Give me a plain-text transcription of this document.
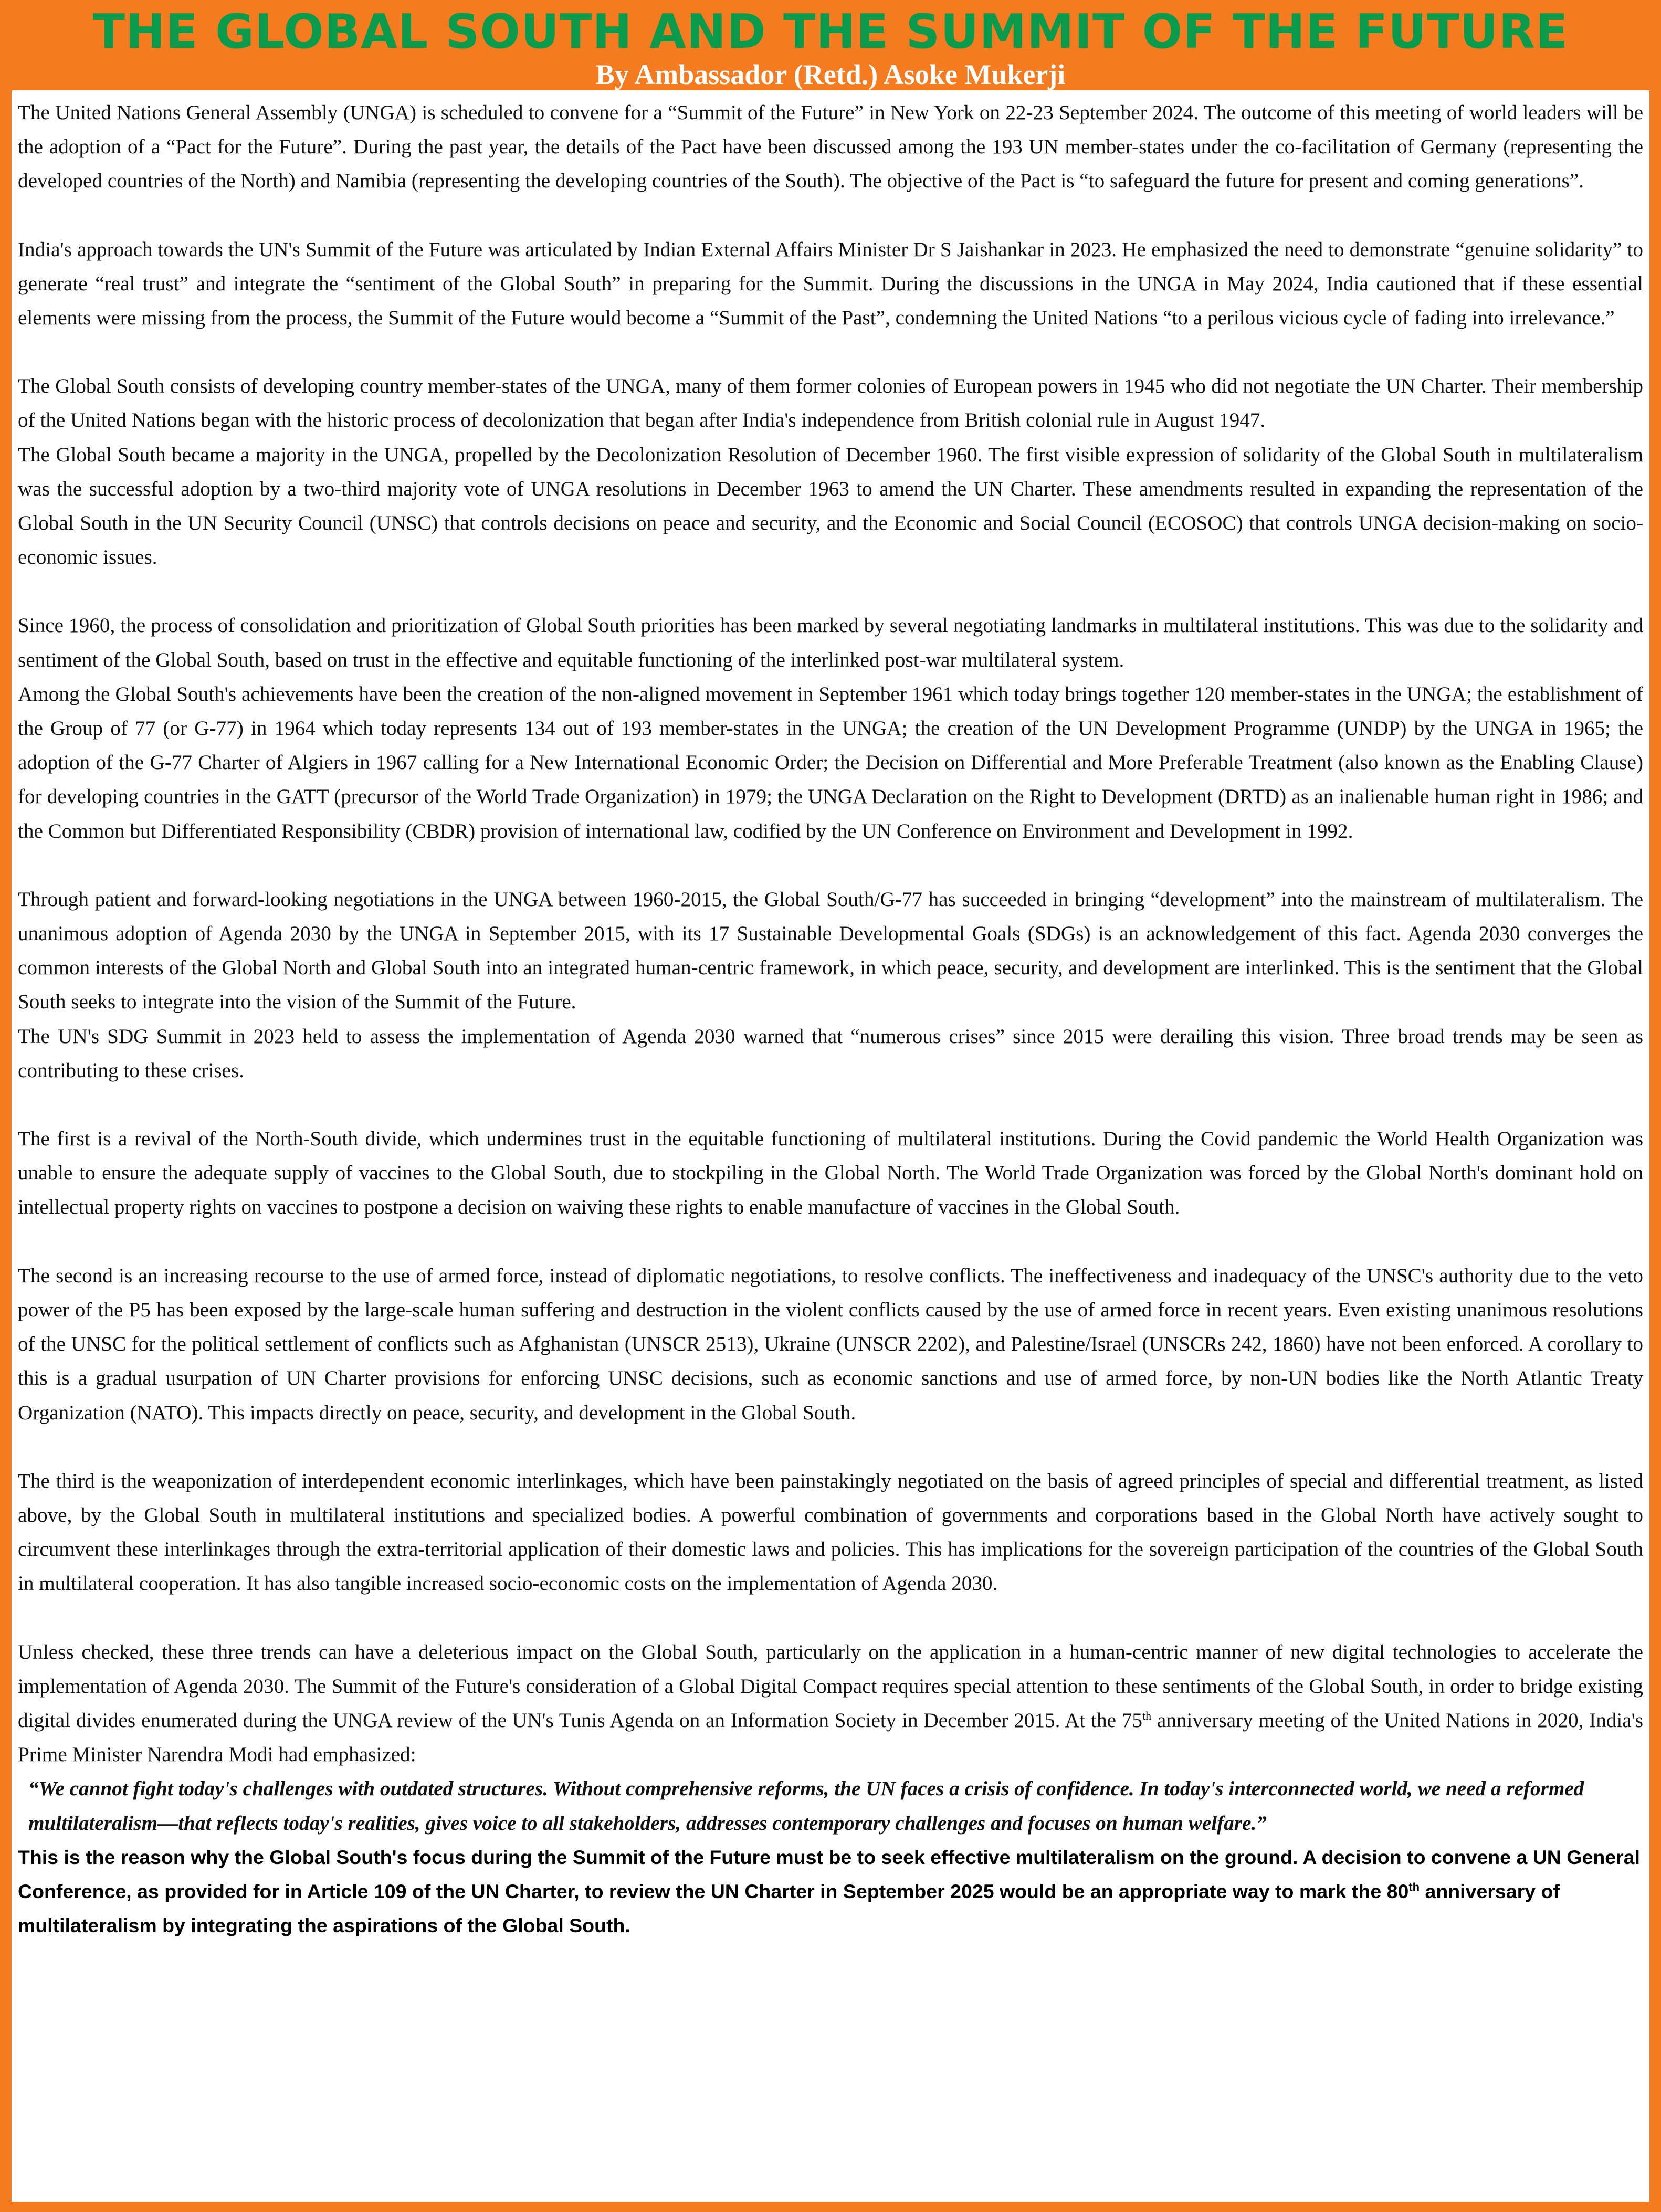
THE GLOBAL SOUTH AND THE SUMMIT OF THE FUTURE
By Ambassador (Retd.) Asoke Mukerji

The United Nations General Assembly (UNGA) is scheduled to convene for a “Summit of the Future” in New York on 22-23 September 2024. The outcome of this meeting of world leaders will be the adoption of a “Pact for the Future”. During the past year, the details of the Pact have been discussed among the 193 UN member-states under the co-facilitation of Germany (representing the developed countries of the North) and Namibia (representing the developing countries of the South). The objective of the Pact is “to safeguard the future for present and coming generations”.

India's approach towards the UN's Summit of the Future was articulated by Indian External Affairs Minister Dr S Jaishankar in 2023. He emphasized the need to demonstrate “genuine solidarity” to generate “real trust” and integrate the “sentiment of the Global South” in preparing for the Summit. During the discussions in the UNGA in May 2024, India cautioned that if these essential elements were missing from the process, the Summit of the Future would become a “Summit of the Past”, condemning the United Nations “to a perilous vicious cycle of fading into irrelevance.”

The Global South consists of developing country member-states of the UNGA, many of them former colonies of European powers in 1945 who did not negotiate the UN Charter. Their membership of the United Nations began with the historic process of decolonization that began after India's independence from British colonial rule in August 1947.

The Global South became a majority in the UNGA, propelled by the Decolonization Resolution of December 1960. The first visible expression of solidarity of the Global South in multilateralism was the successful adoption by a two-third majority vote of UNGA resolutions in December 1963 to amend the UN Charter. These amendments resulted in expanding the representation of the Global South in the UN Security Council (UNSC) that controls decisions on peace and security, and the Economic and Social Council (ECOSOC) that controls UNGA decision-making on socio-economic issues.

Since 1960, the process of consolidation and prioritization of Global South priorities has been marked by several negotiating landmarks in multilateral institutions. This was due to the solidarity and sentiment of the Global South, based on trust in the effective and equitable functioning of the interlinked post-war multilateral system.

Among the Global South's achievements have been the creation of the non-aligned movement in September 1961 which today brings together 120 member-states in the UNGA; the establishment of the Group of 77 (or G-77) in 1964 which today represents 134 out of 193 member-states in the UNGA; the creation of the UN Development Programme (UNDP) by the UNGA in 1965; the adoption of the G-77 Charter of Algiers in 1967 calling for a New International Economic Order; the Decision on Differential and More Preferable Treatment (also known as the Enabling Clause) for developing countries in the GATT (precursor of the World Trade Organization) in 1979; the UNGA Declaration on the Right to Development (DRTD) as an inalienable human right in 1986; and the Common but Differentiated Responsibility (CBDR) provision of international law, codified by the UN Conference on Environment and Development in 1992.

Through patient and forward-looking negotiations in the UNGA between 1960-2015, the Global South/G-77 has succeeded in bringing “development” into the mainstream of multilateralism. The unanimous adoption of Agenda 2030 by the UNGA in September 2015, with its 17 Sustainable Developmental Goals (SDGs) is an acknowledgement of this fact. Agenda 2030 converges the common interests of the Global North and Global South into an integrated human-centric framework, in which peace, security, and development are interlinked. This is the sentiment that the Global South seeks to integrate into the vision of the Summit of the Future.

The UN's SDG Summit in 2023 held to assess the implementation of Agenda 2030 warned that “numerous crises” since 2015 were derailing this vision. Three broad trends may be seen as contributing to these crises.

The first is a revival of the North-South divide, which undermines trust in the equitable functioning of multilateral institutions. During the Covid pandemic the World Health Organization was unable to ensure the adequate supply of vaccines to the Global South, due to stockpiling in the Global North. The World Trade Organization was forced by the Global North's dominant hold on intellectual property rights on vaccines to postpone a decision on waiving these rights to enable manufacture of vaccines in the Global South.

The second is an increasing recourse to the use of armed force, instead of diplomatic negotiations, to resolve conflicts. The ineffectiveness and inadequacy of the UNSC's authority due to the veto power of the P5 has been exposed by the large-scale human suffering and destruction in the violent conflicts caused by the use of armed force in recent years. Even existing unanimous resolutions of the UNSC for the political settlement of conflicts such as Afghanistan (UNSCR 2513), Ukraine (UNSCR 2202), and Palestine/Israel (UNSCRs 242, 1860) have not been enforced. A corollary to this is a gradual usurpation of UN Charter provisions for enforcing UNSC decisions, such as economic sanctions and use of armed force, by non-UN bodies like the North Atlantic Treaty Organization (NATO). This impacts directly on peace, security, and development in the Global South.

The third is the weaponization of interdependent economic interlinkages, which have been painstakingly negotiated on the basis of agreed principles of special and differential treatment, as listed above, by the Global South in multilateral institutions and specialized bodies. A powerful combination of governments and corporations based in the Global North have actively sought to circumvent these interlinkages through the extra-territorial application of their domestic laws and policies. This has implications for the sovereign participation of the countries of the Global South in multilateral cooperation. It has also tangible increased socio-economic costs on the implementation of Agenda 2030.

Unless checked, these three trends can have a deleterious impact on the Global South, particularly on the application in a human-centric manner of new digital technologies to accelerate the implementation of Agenda 2030. The Summit of the Future's consideration of a Global Digital Compact requires special attention to these sentiments of the Global South, in order to bridge existing digital divides enumerated during the UNGA review of the UN's Tunis Agenda on an Information Society in December 2015. At the 75th anniversary meeting of the United Nations in 2020, India's Prime Minister Narendra Modi had emphasized:

“We cannot fight today's challenges with outdated structures. Without comprehensive reforms, the UN faces a crisis of confidence. In today's interconnected world, we need a reformed multilateralism—that reflects today's realities, gives voice to all stakeholders, addresses contemporary challenges and focuses on human welfare.”

This is the reason why the Global South's focus during the Summit of the Future must be to seek effective multilateralism on the ground. A decision to convene a UN General Conference, as provided for in Article 109 of the UN Charter, to review the UN Charter in September 2025 would be an appropriate way to mark the 80th anniversary of multilateralism by integrating the aspirations of the Global South.
